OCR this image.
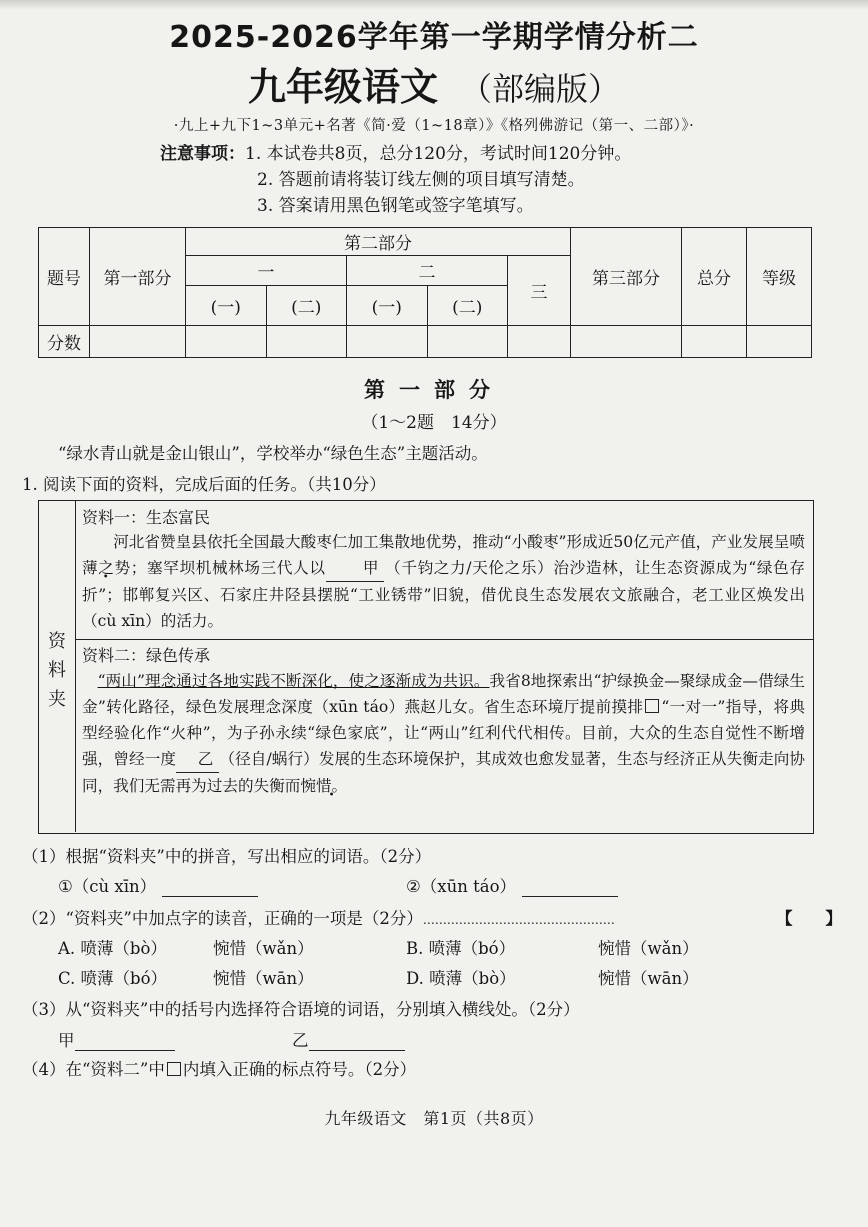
2025-2026学年第一学期学情分析二
九年级语文 （部编版）
·九上+九下1~3单元+名著《简·爱（1~18章）》《格列佛游记（第一、二部）》·
注意事项：1. 本试卷共8页，总分120分，考试时间120分钟。
2. 答题前请将装订线左侧的项目填写清楚。
3. 答案请用黑色钢笔或签字笔填写。
题号	第一部分	第二部分					第三部分	总分	等级
		一		二		三			
		(一)	(二)	(一)	(二)				
分数									
第一部分
（1～2题　14分）
“绿水青山就是金山银山”，学校举办“绿色生态”主题活动。
1. 阅读下面的资料，完成后面的任务。（共10分）
资
料
夹
资料一：生态富民
河北省赞皇县依托全国最大酸枣仁加工集散地优势，推动“小酸枣”形成近50亿元产值，产业发展呈喷薄之势；塞罕坝机械林场三代人以 甲 （千钧之力/天伦之乐）治沙造林，让生态资源成为“绿色存折”；邯郸复兴区、石家庄井陉县摆脱“工业锈带”旧貌，借优良生态发展农文旅融合，老工业区焕发出（cù xīn）的活力。
资料二：绿色传承
“两山”理念通过各地实践不断深化，使之逐渐成为共识。我省8地探索出“护绿换金—聚绿成金—借绿生金”转化路径，绿色发展理念深度（xūn táo）燕赵儿女。省生态环境厅提前摸排 “一对一”指导，将典型经验化作“火种”，为子孙永续“绿色家底”，让“两山”红利代代相传。目前，大众的生态自觉性不断增强，曾经一度 乙 （径自/蜗行）发展的生态环境保护，其成效也愈发显著，生态与经济正从失衡走向协同，我们无需再为过去的失衡而惋惜。
（1）根据“资料夹”中的拼音，写出相应的词语。（2分）
①（cù xīn）	②（xūn táo）
（2）“资料夹”中加点字的读音，正确的一项是（2分）…………………………………………	【　　】
A. 喷薄（bò）	惋惜（wǎn）	B. 喷薄（bó）	惋惜（wǎn）
C. 喷薄（bó）	惋惜（wān）	D. 喷薄（bò）	惋惜（wān）
（3）从“资料夹”中的括号内选择符合语境的词语，分别填入横线处。（2分）
甲	乙
（4）在“资料二”中 内填入正确的标点符号。（2分）
九年级语文　第1页（共8页）
